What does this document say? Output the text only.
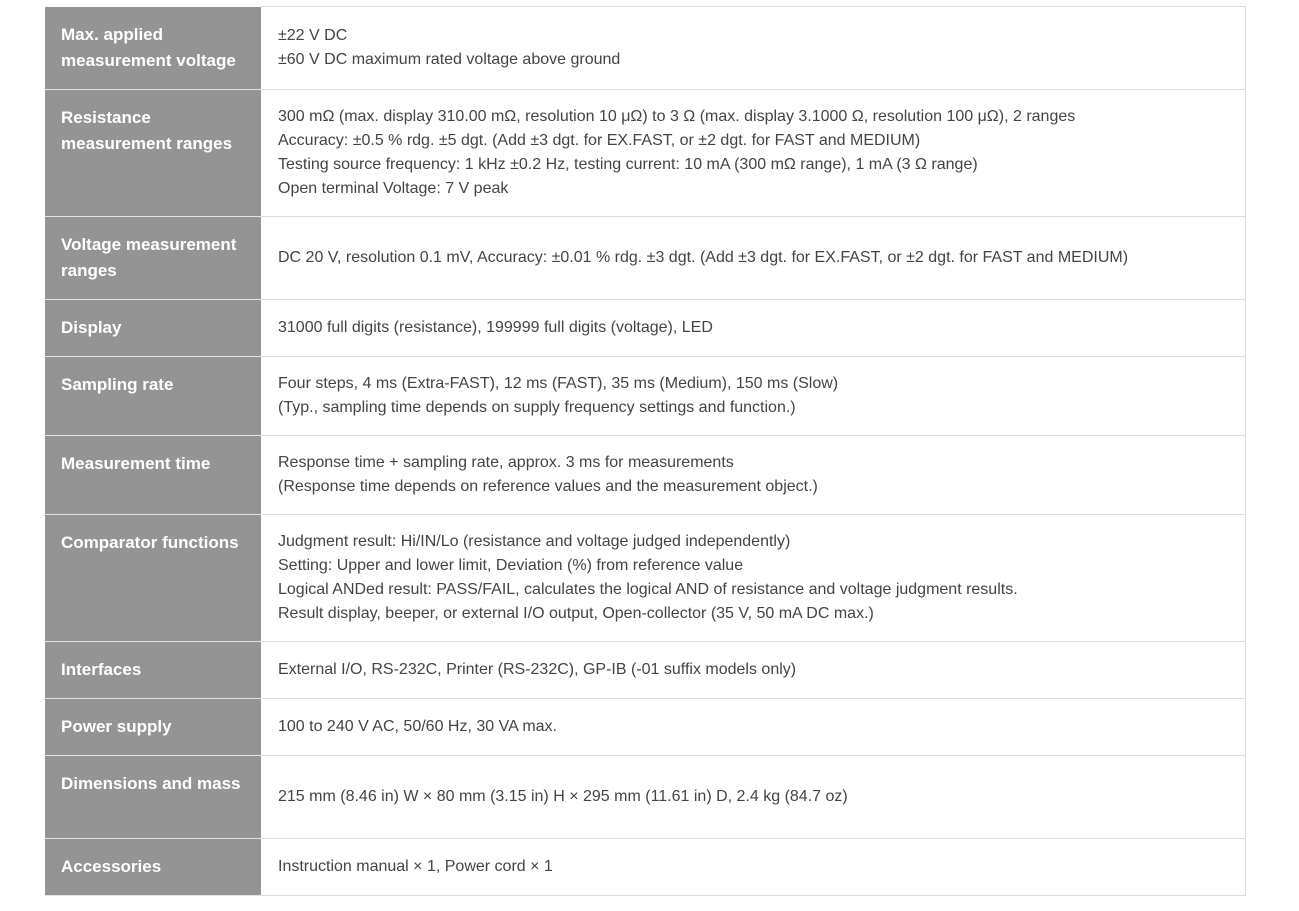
Max. applied measurement voltage	±22 V DC
±60 V DC maximum rated voltage above ground

Resistance measurement ranges	300 mΩ (max. display 310.00 mΩ, resolution 10 μΩ) to 3 Ω (max. display 3.1000 Ω, resolution 100 μΩ), 2 ranges
Accuracy: ±0.5 % rdg. ±5 dgt. (Add ±3 dgt. for EX.FAST, or ±2 dgt. for FAST and MEDIUM)
Testing source frequency: 1 kHz ±0.2 Hz, testing current: 10 mA (300 mΩ range), 1 mA (3 Ω range)
Open terminal Voltage: 7 V peak

Voltage measurement ranges	DC 20 V, resolution 0.1 mV, Accuracy: ±0.01 % rdg. ±3 dgt. (Add ±3 dgt. for EX.FAST, or ±2 dgt. for FAST and MEDIUM)

Display	31000 full digits (resistance), 199999 full digits (voltage), LED

Sampling rate	Four steps, 4 ms (Extra-FAST), 12 ms (FAST), 35 ms (Medium), 150 ms (Slow)
(Typ., sampling time depends on supply frequency settings and function.)

Measurement time	Response time + sampling rate, approx. 3 ms for measurements
(Response time depends on reference values and the measurement object.)

Comparator functions	Judgment result: Hi/IN/Lo (resistance and voltage judged independently)
Setting: Upper and lower limit, Deviation (%) from reference value
Logical ANDed result: PASS/FAIL, calculates the logical AND of resistance and voltage judgment results.
Result display, beeper, or external I/O output, Open-collector (35 V, 50 mA DC max.)

Interfaces	External I/O, RS-232C, Printer (RS-232C), GP-IB (-01 suffix models only)

Power supply	100 to 240 V AC, 50/60 Hz, 30 VA max.

Dimensions and mass	215 mm (8.46 in) W × 80 mm (3.15 in) H × 295 mm (11.61 in) D, 2.4 kg (84.7 oz)

Accessories	Instruction manual × 1, Power cord × 1
